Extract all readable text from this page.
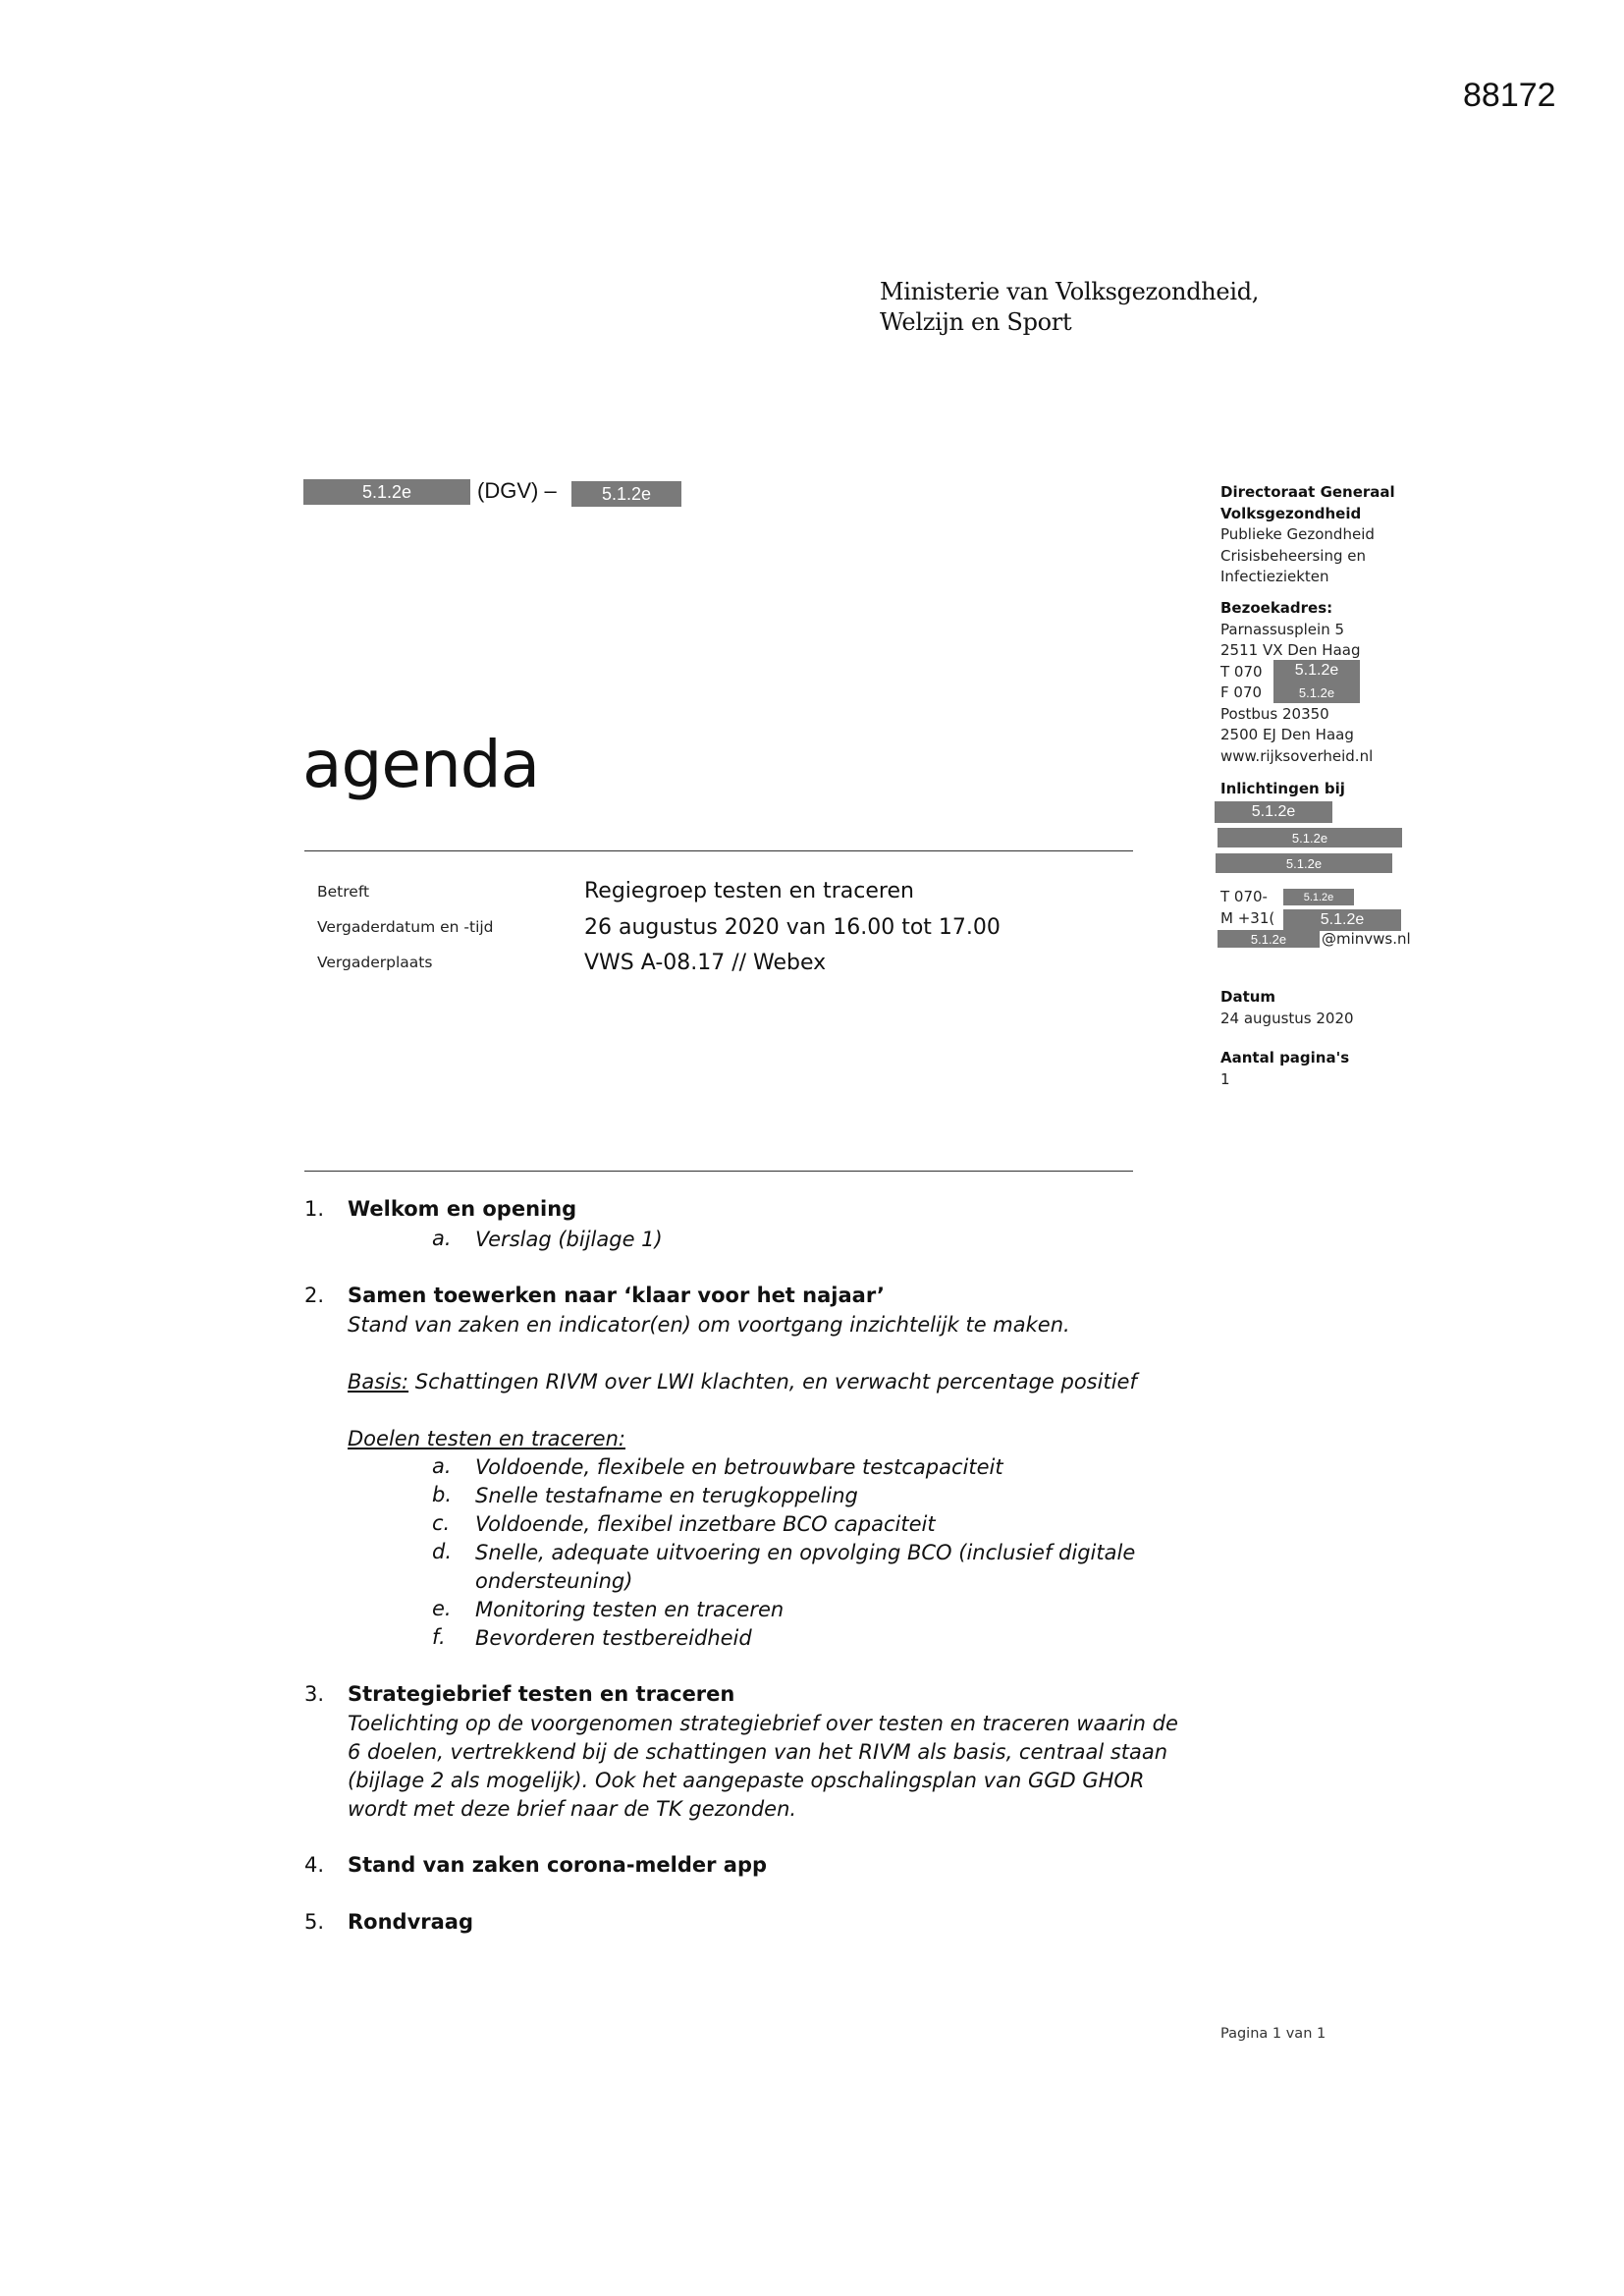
88172
Ministerie van Volksgezondheid,
Welzijn en Sport
5.1.2e	(DGV) –	5.1.2e
agenda
Betreft	Regiegroep testen en traceren
Vergaderdatum en -tijd	26 augustus 2020 van 16.00 tot 17.00
Vergaderplaats	VWS A-08.17 // Webex
Directoraat Generaal
Volksgezondheid
Publieke Gezondheid
Crisisbeheersing en
Infectieziekten
Bezoekadres:
Parnassusplein 5
2511 VX Den Haag
T 070
F 070
Postbus 20350
2500 EJ Den Haag
www.rijksoverheid.nl
5.1.2e
5.1.2e
Inlichtingen bij
5.1.2e
5.1.2e
5.1.2e
T 070-	5.1.2e
M +31(	5.1.2e
5.1.2e	@minvws.nl
Datum
24 augustus 2020
Aantal pagina's
1
1. Welkom en opening
a. Verslag (bijlage 1)
2. Samen toewerken naar ‘klaar voor het najaar’
Stand van zaken en indicator(en) om voortgang inzichtelijk te maken.
Basis: Schattingen RIVM over LWI klachten, en verwacht percentage positief
Doelen testen en traceren:
a. Voldoende, flexibele en betrouwbare testcapaciteit
b. Snelle testafname en terugkoppeling
c. Voldoende, flexibel inzetbare BCO capaciteit
d. Snelle, adequate uitvoering en opvolging BCO (inclusief digitale ondersteuning)
e. Monitoring testen en traceren
f. Bevorderen testbereidheid
3. Strategiebrief testen en traceren
Toelichting op de voorgenomen strategiebrief over testen en traceren waarin de 6 doelen, vertrekkend bij de schattingen van het RIVM als basis, centraal staan (bijlage 2 als mogelijk). Ook het aangepaste opschalingsplan van GGD GHOR wordt met deze brief naar de TK gezonden.
4. Stand van zaken corona-melder app
5. Rondvraag
Pagina 1 van 1
